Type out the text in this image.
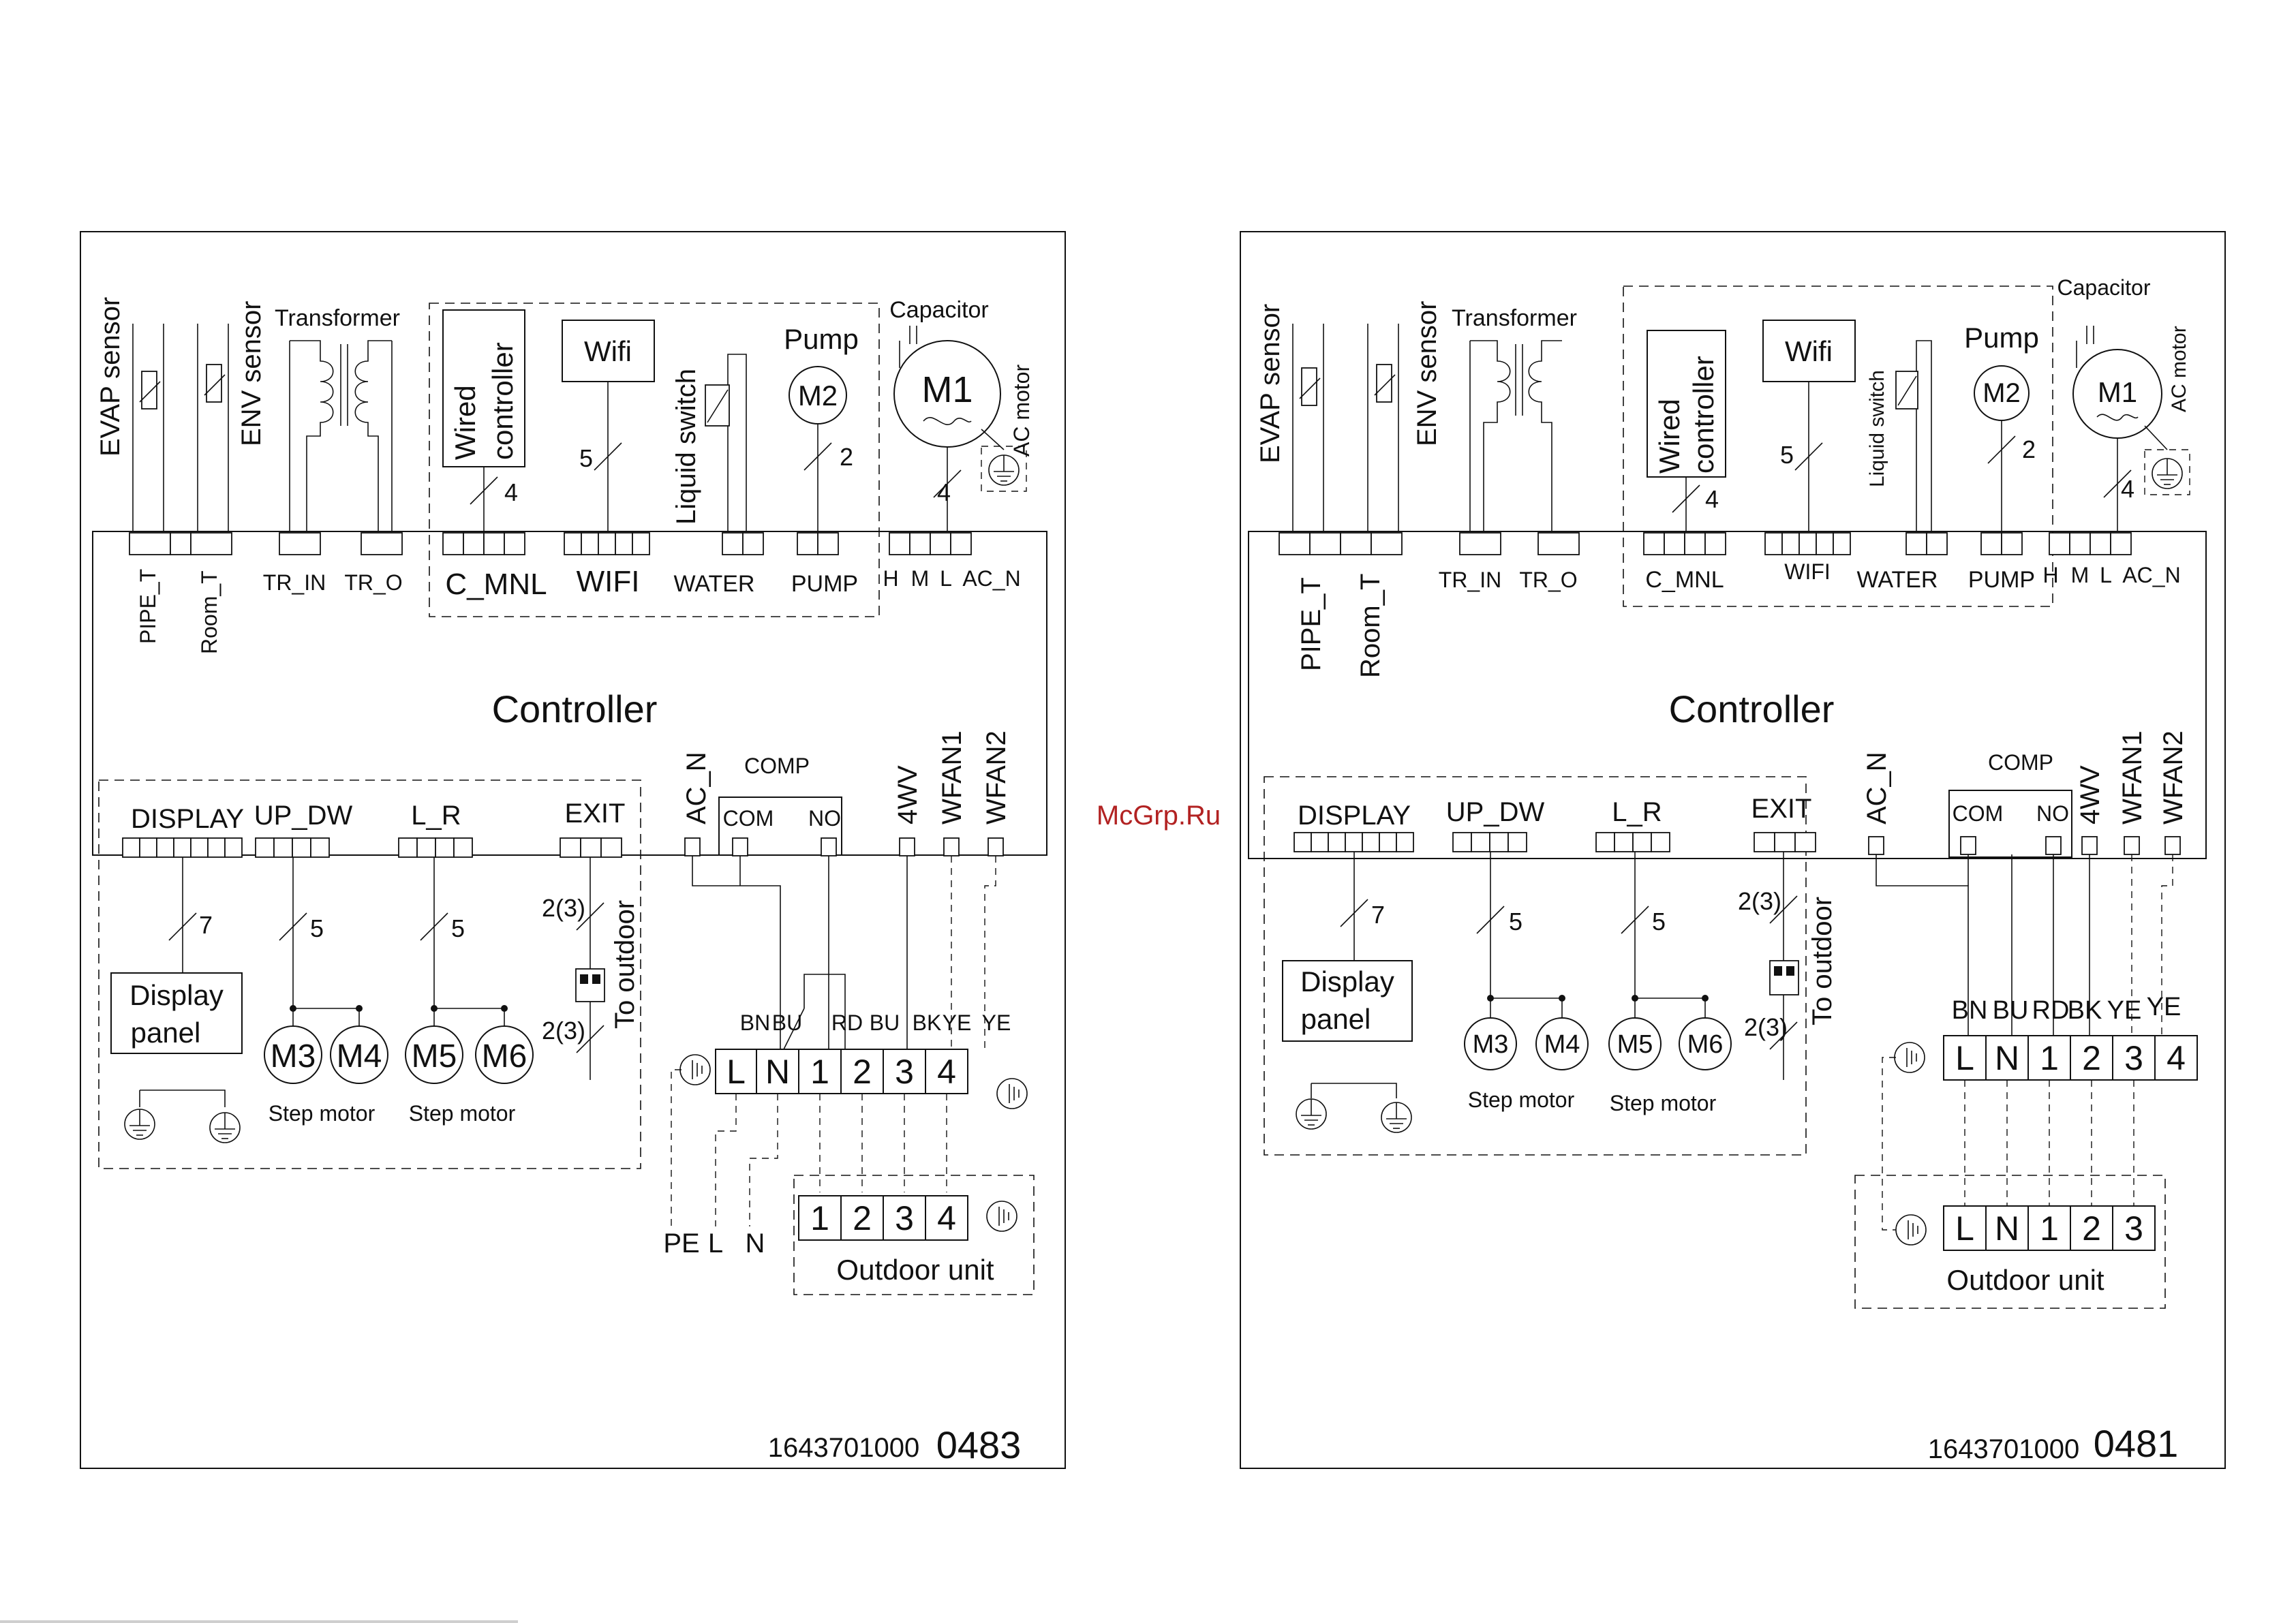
Controller
EVAP sensor	ENV sensor
PIPE_T Room_T
Transformer
TR_IN TR_O
Wired controller
4
C_MNL
Wifi
5
WIFI
Liquid switch
WATER
Pump
M2
2
PUMP
Capacitor
M1 AC motor
4
H M L AC_N
DISPLAY UP_DW L_R	EXIT
7
Display
panel
5	5
M3 M4 M5 M6
Step motor Step motor
2(3)
2(3)
To outdoor
AC_N COMP
COM NO 4WV WFAN1 WFAN2
BN BU RD BU BK YE YE
L N 1 2 3 4
PE L N
1 2 3 4
Outdoor unit
1643701000 0483
McGrp.Ru
Controller
EVAP sensor	ENV sensor
PIPE_T Room_T
Transformer
TR_IN TR_O
Wired controller
4
C_MNL
Wifi
5
WIFI
Liquid switch
WATER
Pump
M2
2
PUMP
Capacitor
M1 AC motor
4
H M L AC_N
DISPLAY UP_DW L_R	EXIT
7
Display
panel
5	5
M3 M4 M5 M6
Step motor Step motor
2(3)
2(3)
To outdoor
AC_N	COMP
COM NO 4WV WFAN1 WFAN2
BN BU RD
BK YE YE
L N 1 2 3 4
L N 1 2 3
Outdoor unit
1643701000 0481
